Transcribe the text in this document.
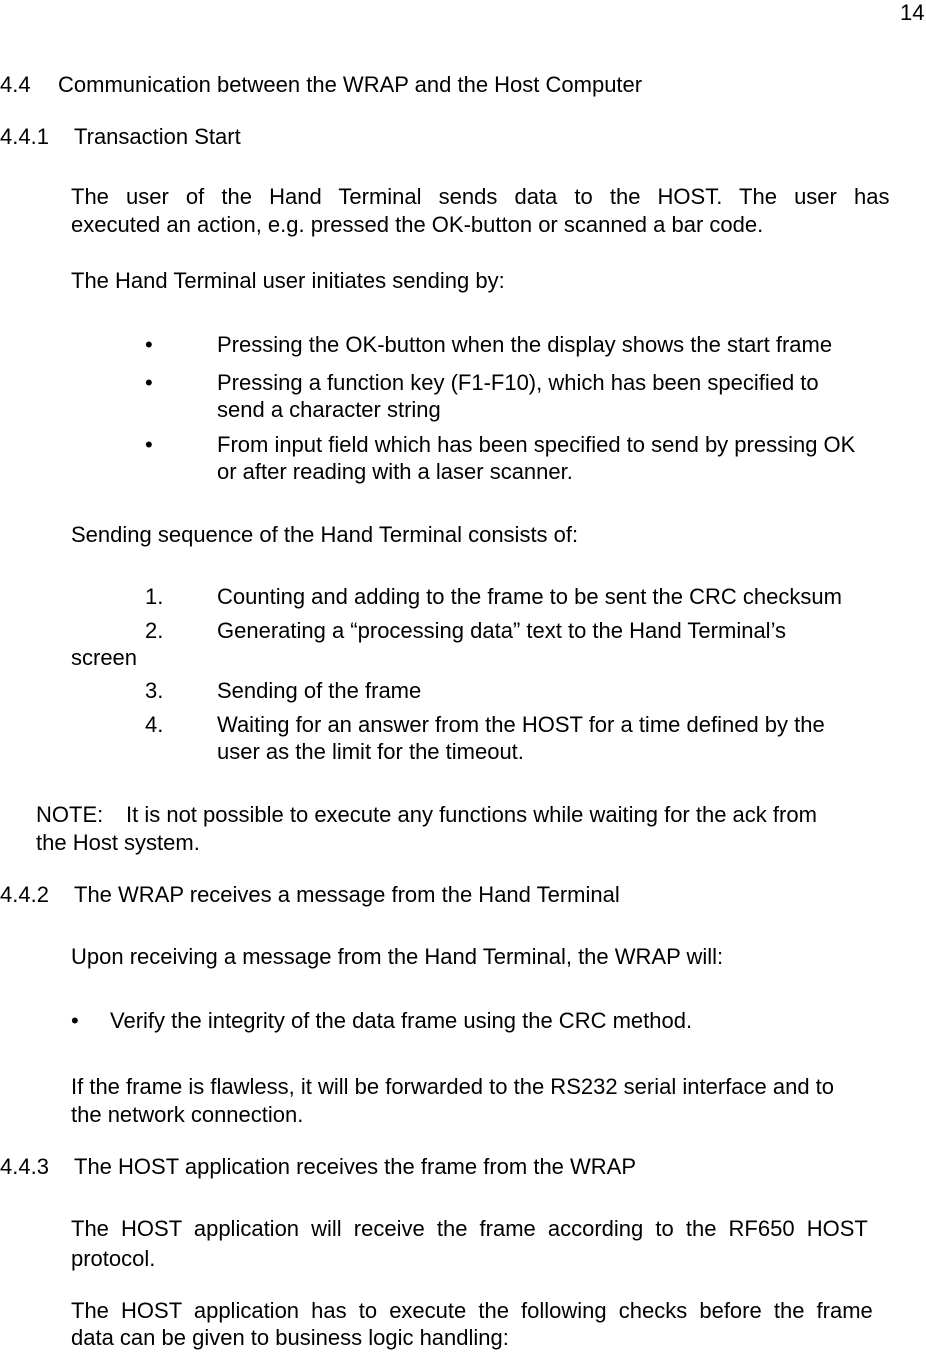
14
4.4 Communication between the WRAP and the Host Computer
4.4.1 Transaction Start
The user of the Hand Terminal sends data to the HOST. The user has
executed an action, e.g. pressed the OK-button or scanned a bar code.
The Hand Terminal user initiates sending by:
•	Pressing the OK-button when the display shows the start frame
•	Pressing a function key (F1-F10), which has been specified to
send a character string
•	From input field which has been specified to send by pressing OK
or after reading with a laser scanner.
Sending sequence of the Hand Terminal consists of:
1. Counting and adding to the frame to be sent the CRC checksum
2. Generating a “processing data” text to the Hand Terminal’s
screen
3. Sending of the frame
4. Waiting for an answer from the HOST for a time defined by the
user as the limit for the timeout.
NOTE: It is not possible to execute any functions while waiting for the ack from
the Host system.
4.4.2 The WRAP receives a message from the Hand Terminal
Upon receiving a message from the Hand Terminal, the WRAP will:
• Verify the integrity of the data frame using the CRC method.
If the frame is flawless, it will be forwarded to the RS232 serial interface and to
the network connection.
4.4.3 The HOST application receives the frame from the WRAP
The HOST application will receive the frame according to the RF650 HOST
protocol.
The HOST application has to execute the following checks before the frame
data can be given to business logic handling:
